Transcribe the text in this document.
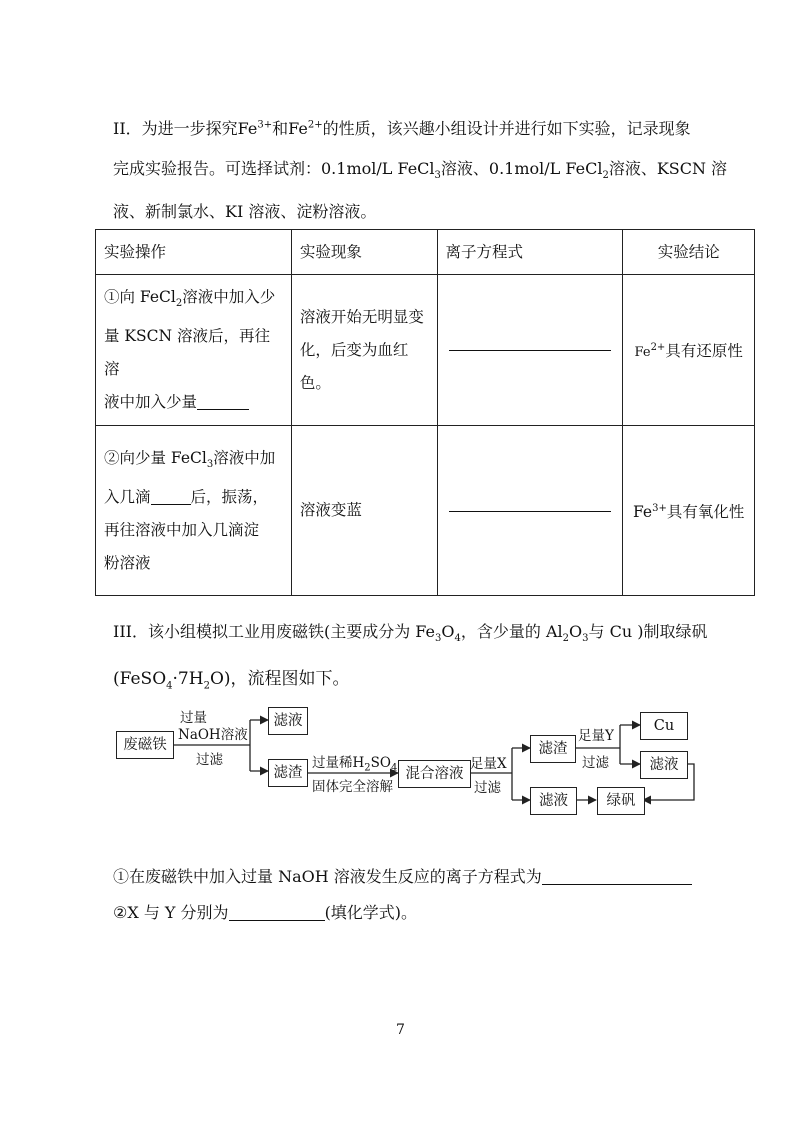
II．为进一步探究$Fe^{3+}$和$Fe^{2+}$的性质，该兴趣小组设计并进行如下实验，记录现象
完成实验报告。可选择试剂：0.1mol/L FeCl$_3$溶液、0.1mol/L FeCl$_2$溶液、KSCN 溶
液、新制氯水、KI 溶液、淀粉溶液。
实验操作	实验现象	离子方程式	实验结论
①向 FeCl$_2$溶液中加入少
量 KSCN 溶液后，再往溶
液中加入少量	溶液开始无明显变
化，后变为血红色。		$Fe^{2+}$具有还原性
②向少量 FeCl$_3$溶液中加
入几滴 后，振荡，
再往溶液中加入几滴淀
粉溶液	溶液变蓝		$Fe^{3+}$具有氧化性
III．该小组模拟工业用废磁铁(主要成分为 $Fe_3O_4$，含少量的 $Al_2O_3$与 Cu )制取绿矾
$(FeSO_4\cdot 7H_2O)$，流程图如下。
废磁铁
过量
NaOH溶液
过滤
滤液
滤渣
过量稀$H_2SO_4$
固体完全溶解
混合溶液
足量X
过滤
滤渣
滤液
足量Y
过滤
Cu
滤液
绿矾
①在废磁铁中加入过量 NaOH 溶液发生反应的离子方程式为
②X 与 Y 分别为	(填化学式)。
7
